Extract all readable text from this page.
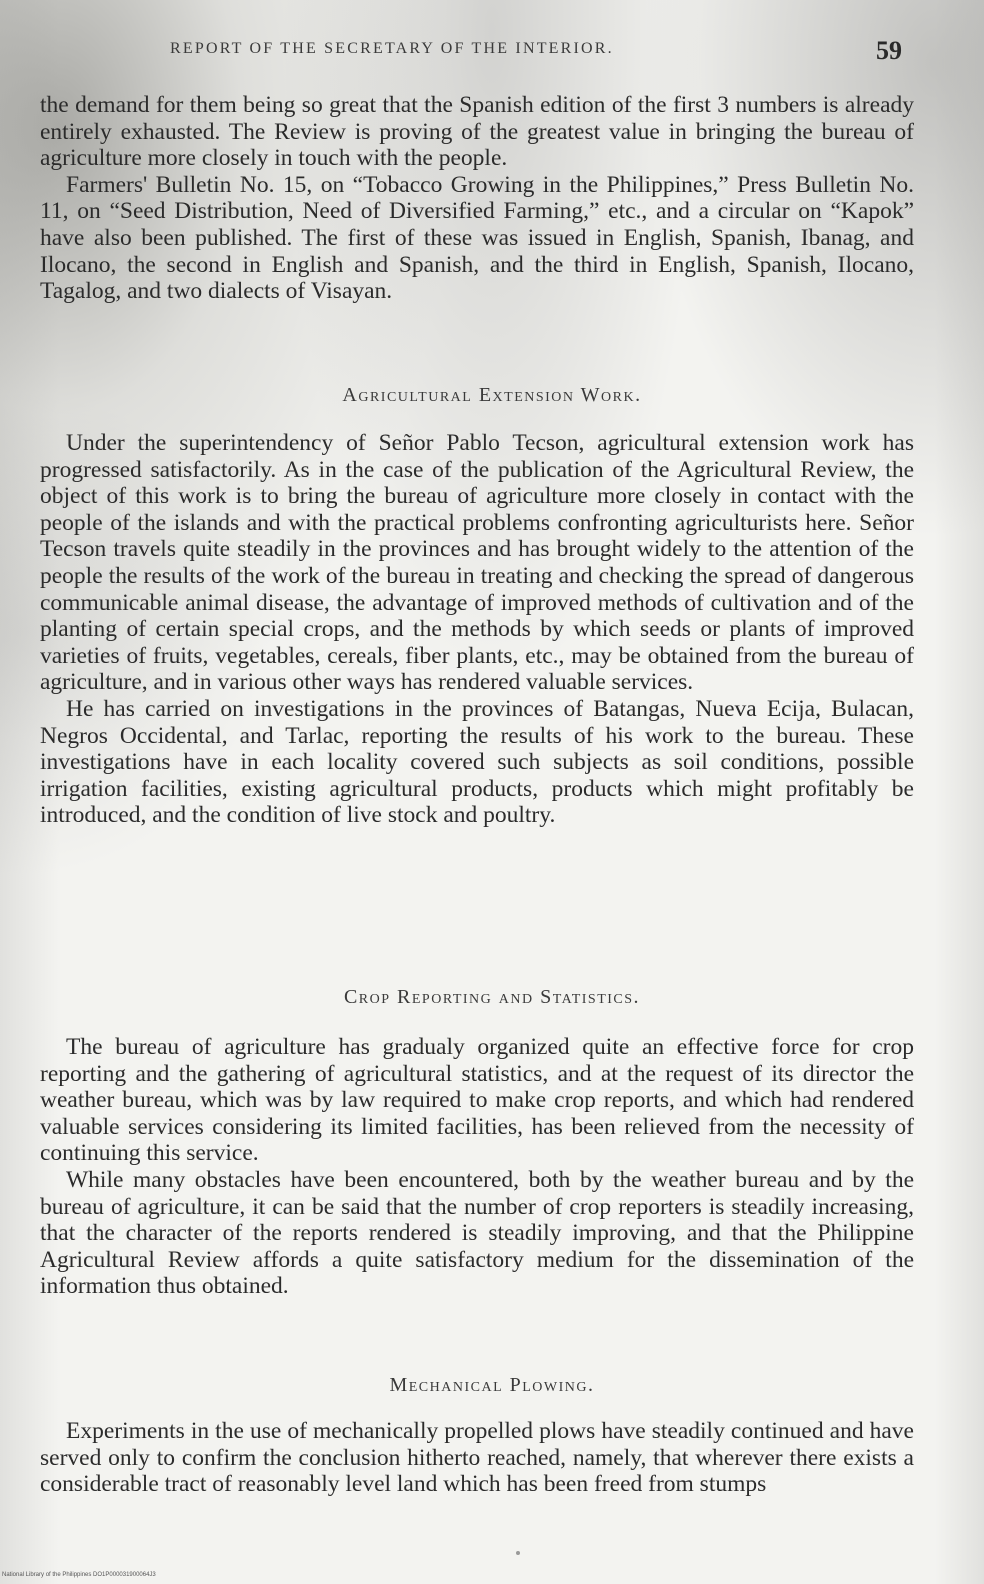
REPORT OF THE SECRETARY OF THE INTERIOR.	59

the demand for them being so great that the Spanish edition of the first 3 numbers is already entirely exhausted. The Review is proving of the greatest value in bringing the bureau of agriculture more closely in touch with the people.

Farmers' Bulletin No. 15, on “Tobacco Growing in the Philippines,” Press Bulletin No. 11, on “Seed Distribution, Need of Diversified Farming,” etc., and a circular on “Kapok” have also been published. The first of these was issued in English, Spanish, Ibanag, and Ilocano, the second in English and Spanish, and the third in English, Spanish, Ilocano, Tagalog, and two dialects of Visayan.

Agricultural Extension Work.

Under the superintendency of Señor Pablo Tecson, agricultural extension work has progressed satisfactorily. As in the case of the publication of the Agricultural Review, the object of this work is to bring the bureau of agriculture more closely in contact with the people of the islands and with the practical problems confronting agriculturists here. Señor Tecson travels quite steadily in the provinces and has brought widely to the attention of the people the results of the work of the bureau in treating and checking the spread of dangerous communicable animal disease, the advantage of improved methods of cultivation and of the planting of certain special crops, and the methods by which seeds or plants of improved varieties of fruits, vegetables, cereals, fiber plants, etc., may be obtained from the bureau of agriculture, and in various other ways has rendered valuable services.

He has carried on investigations in the provinces of Batangas, Nueva Ecija, Bulacan, Negros Occidental, and Tarlac, reporting the results of his work to the bureau. These investigations have in each locality covered such subjects as soil conditions, possible irrigation facilities, existing agricultural products, products which might profitably be introduced, and the condition of live stock and poultry.

Crop Reporting and Statistics.

The bureau of agriculture has gradualy organized quite an effective force for crop reporting and the gathering of agricultural statistics, and at the request of its director the weather bureau, which was by law required to make crop reports, and which had rendered valuable services considering its limited facilities, has been relieved from the necessity of continuing this service.

While many obstacles have been encountered, both by the weather bureau and by the bureau of agriculture, it can be said that the number of crop reporters is steadily increasing, that the character of the reports rendered is steadily improving, and that the Philippine Agricultural Review affords a quite satisfactory medium for the dissemination of the information thus obtained.

Mechanical Plowing.

Experiments in the use of mechanically propelled plows have steadily continued and have served only to confirm the conclusion hitherto reached, namely, that wherever there exists a considerable tract of reasonably level land which has been freed from stumps

National Library of the Philippines DO1P000031900064J3
